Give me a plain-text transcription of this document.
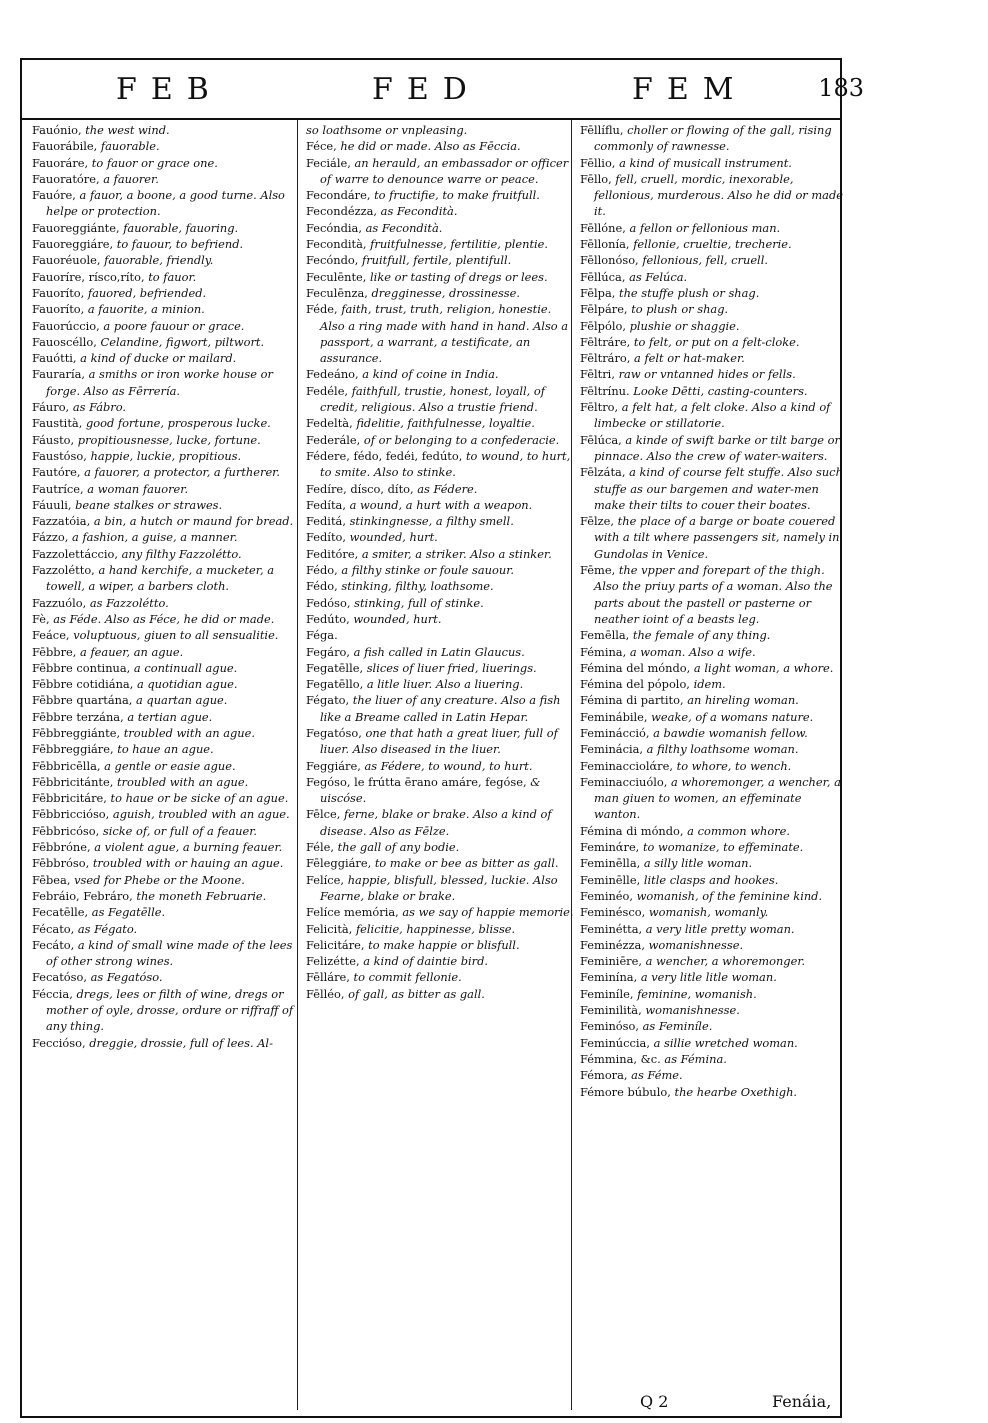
FEB	FED	FEM	183

Fauónio, the west wind.

Fauorábile, fauorable.

Fauoráre, to fauor or grace one.

Fauoratóre, a fauorer.

Fauóre, a fauor, a boone, a good turne. Also helpe or protection.

Fauoreggiánte, fauorable, fauoring.

Fauoreggiáre, to fauour, to befriend.

Fauoréuole, fauorable, friendly.

Fauoríre, rísco,ríto, to fauor.

Fauoríto, fauored, befriended.

Fauoríto, a fauorite, a minion.

Fauorúccio, a poore fauour or grace.

Fauoscéllo, Celandine, figwort, piltwort.

Fauótti, a kind of ducke or mailard.

Fauraría, a smiths or iron worke house or forge. Also as Fērrería.

Fáuro, as Fábro.

Faustità, good fortune, prosperous lucke.

Fáusto, propitiousnesse, lucke, fortune.

Faustóso, happie, luckie, propitious.

Fautóre, a fauorer, a protector, a furtherer.

Fautríce, a woman fauorer.

Fáuuli, beane stalkes or strawes.

Fazzatóia, a bin, a hutch or maund for bread.

Fázzo, a fashion, a guise, a manner.

Fazzolettáccio, any filthy Fazzolétto.

Fazzolétto, a hand kerchife, a mucketer, a towell, a wiper, a barbers cloth.

Fazzuólo, as Fazzolétto.

Fè, as Féde. Also as Féce, he did or made.

Feáce, voluptuous, giuen to all sensualitie.

Fēbbre, a feauer, an ague.

Fēbbre continua, a continuall ague.

Fēbbre cotidiána, a quotidian ague.

Fēbbre quartána, a quartan ague.

Fēbbre terzána, a tertian ague.

Fēbbreggiánte, troubled with an ague.

Fēbbreggiáre, to haue an ague.

Fēbbricēlla, a gentle or easie ague.

Fēbbricitánte, troubled with an ague.

Fēbbricitáre, to haue or be sicke of an ague.

Fēbbriccióso, aguish, troubled with an ague.

Fēbbricóso, sicke of, or full of a feauer.

Fēbbróne, a violent ague, a burning feauer.

Fēbbróso, troubled with or hauing an ague.

Fēbea, vsed for Phebe or the Moone.

Febráio, Febráro, the moneth Februarie.

Fecatēlle, as Fegatēlle.

Fécato, as Fégato.

Fecáto, a kind of small wine made of the lees of other strong wines.

Fecatóso, as Fegatóso.

Féccia, dregs, lees or filth of wine, dregs or mother of oyle, drosse, ordure or riffraff of any thing.

Fecciόso, dreggie, drossie, full of lees. Al-

so loathsome or vnpleasing.

Féce, he did or made. Also as Fēccia.

Feciále, an herauld, an embassador or officer of warre to denounce warre or peace.

Fecondáre, to fructifie, to make fruitfull.

Fecondézza, as Fecondità.

Fecóndia, as Fecondità.

Fecondità, fruitfulnesse, fertilitie, plentie.

Fecóndo, fruitfull, fertile, plentifull.

Feculēnte, like or tasting of dregs or lees.

Feculēnza, dregginesse, drossinesse.

Féde, faith, trust, truth, religion, honestie. Also a ring made with hand in hand. Also a passport, a warrant, a testificate, an assurance.

Fedeáno, a kind of coine in India.

Fedéle, faithfull, trustie, honest, loyall, of credit, religious. Also a trustie friend.

Fedeltà, fidelitie, faithfulnesse, loyaltie.

Federále, of or belonging to a confederacie.

Fédere, fédo, fedéi, fedúto, to wound, to hurt, to smite. Also to stinke.

Fedíre, dísco, díto, as Fédere.

Fedíta, a wound, a hurt with a weapon.

Feditá, stinkingnesse, a filthy smell.

Fedíto, wounded, hurt.

Feditóre, a smiter, a striker. Also a stinker.

Fédo, a filthy stinke or foule sauour.

Fédo, stinking, filthy, loathsome.

Fedóso, stinking, full of stinke.

Fedúto, wounded, hurt.

Féga.

Fegáro, a fish called in Latin Glaucus.

Fegatēlle, slices of liuer fried, liuerings.

Fegatēllo, a litle liuer. Also a liuering.

Fégato, the liuer of any creature. Also a fish like a Breame called in Latin Hepar.

Fegatóso, one that hath a great liuer, full of liuer. Also diseased in the liuer.

Feggiáre, as Fédere, to wound, to hurt.

Fegóso, le frútta ēranο amáre, fegóse, & uiscóse.

Fēlce, ferne, blake or brake. Also a kind of disease. Also as Fēlze.

Féle, the gall of any bodie.

Fēleggiáre, to make or bee as bitter as gall.

Felíce, happie, blisfull, blessed, luckie. Also Fearne, blake or brake.

Felíce memória, as we say of happie memorie.

Felicità, felicitie, happinesse, blisse.

Felicitáre, to make happie or blisfull.

Felizétte, a kind of daintie bird.

Fēlláre, to commit fellonie.

Fēlléo, of gall, as bitter as gall.

Fēllíflu, choller or flowing of the gall, rising commonly of rawnesse.

Fēllio, a kind of musicall instrument.

Fēllo, fell, cruell, mordic, inexorable, fellonious, murderous. Also he did or made it.

Fēllóne, a fellon or fellonious man.

Fēllonía, fellonie, crueltie, trecherie.

Fēllonóso, fellonious, fell, cruell.

Fēllúca, as Felúca.

Fēlpa, the stuffe plush or shag.

Fēlpáre, to plush or shag.

Fēlpólo, plushie or shaggie.

Fēltráre, to felt, or put on a felt-cloke.

Fēltráro, a felt or hat-maker.

Fēltri, raw or vntanned hides or fells.

Fēltrínu. Looke Dētti, casting-counters.

Fēltro, a felt hat, a felt cloke. Also a kind of limbecke or stillatorie.

Fēlúca, a kinde of swift barke or tilt barge or pinnace. Also the crew of water-waiters.

Fēlzáta, a kind of course felt stuffe. Also such stuffe as our bargemen and water-men make their tilts to couer their boates.

Fēlze, the place of a barge or boate couered with a tilt where passengers sit, namely in Gundolas in Venice.

Fēme, the vpper and forepart of the thigh. Also the priuy parts of a woman. Also the parts about the pastell or pasterne or neather ioint of a beasts leg.

Femēlla, the female of any thing.

Fémina, a woman. Also a wife.

Fémina del móndo, a light woman, a whore.

Fémina del pópolo, idem.

Fémina di partito, an hireling woman.

Feminábile, weake, of a womans nature.

Feminácció, a bawdie womanish fellow.

Feminácia, a filthy loathsome woman.

Feminacciolάre, to whore, to wench.

Feminacciuólo, a whoremonger, a wencher, a man giuen to women, an effeminate wanton.

Fémina di móndo, a common whore.

Feminάre, to womanize, to effeminate.

Feminēlla, a silly litle woman.

Feminēlle, litle clasps and hookes.

Feminéo, womanish, of the feminine kind.

Feminésco, womanish, womanly.

Feminétta, a very litle pretty woman.

Feminézza, womanishnesse.

Feminiēre, a wencher, a whoremonger.

Feminína, a very litle litle woman.

Feminíle, feminine, womanish.

Feminilità, womanishnesse.

Feminóso, as Feminíle.

Feminúccia, a sillie wretched woman.

Fémmina, &c. as Fémina.

Fémora, as Féme.

Fémore búbulo, the hearbe Oxethigh.

Q 2	Fenáia,
